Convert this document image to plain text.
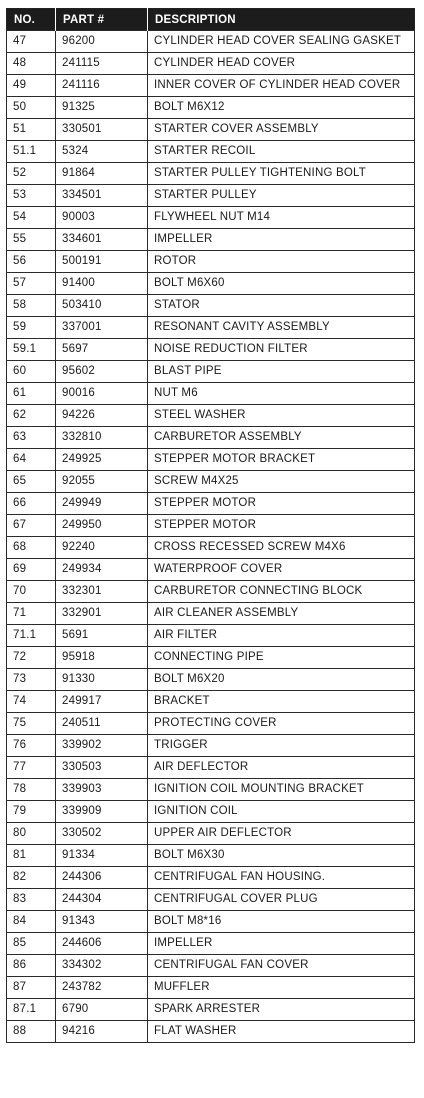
NO.	PART #	DESCRIPTION
47	96200	CYLINDER HEAD COVER SEALING GASKET
48	241115	CYLINDER HEAD COVER
49	241116	INNER COVER OF CYLINDER HEAD COVER
50	91325	BOLT M6X12
51	330501	STARTER COVER ASSEMBLY
51.1	5324	STARTER RECOIL
52	91864	STARTER PULLEY TIGHTENING BOLT
53	334501	STARTER PULLEY
54	90003	FLYWHEEL NUT M14
55	334601	IMPELLER
56	500191	ROTOR
57	91400	BOLT M6X60
58	503410	STATOR
59	337001	RESONANT CAVITY ASSEMBLY
59.1	5697	NOISE REDUCTION FILTER
60	95602	BLAST PIPE
61	90016	NUT M6
62	94226	STEEL WASHER
63	332810	CARBURETOR ASSEMBLY
64	249925	STEPPER MOTOR BRACKET
65	92055	SCREW M4X25
66	249949	STEPPER MOTOR
67	249950	STEPPER MOTOR
68	92240	CROSS RECESSED SCREW M4X6
69	249934	WATERPROOF COVER
70	332301	CARBURETOR CONNECTING BLOCK
71	332901	AIR CLEANER ASSEMBLY
71.1	5691	AIR FILTER
72	95918	CONNECTING PIPE
73	91330	BOLT M6X20
74	249917	BRACKET
75	240511	PROTECTING COVER
76	339902	TRIGGER
77	330503	AIR DEFLECTOR
78	339903	IGNITION COIL MOUNTING BRACKET
79	339909	IGNITION COIL
80	330502	UPPER AIR DEFLECTOR
81	91334	BOLT M6X30
82	244306	CENTRIFUGAL FAN HOUSING.
83	244304	CENTRIFUGAL COVER PLUG
84	91343	BOLT M8*16
85	244606	IMPELLER
86	334302	CENTRIFUGAL FAN COVER
87	243782	MUFFLER
87.1	6790	SPARK ARRESTER
88	94216	FLAT WASHER
